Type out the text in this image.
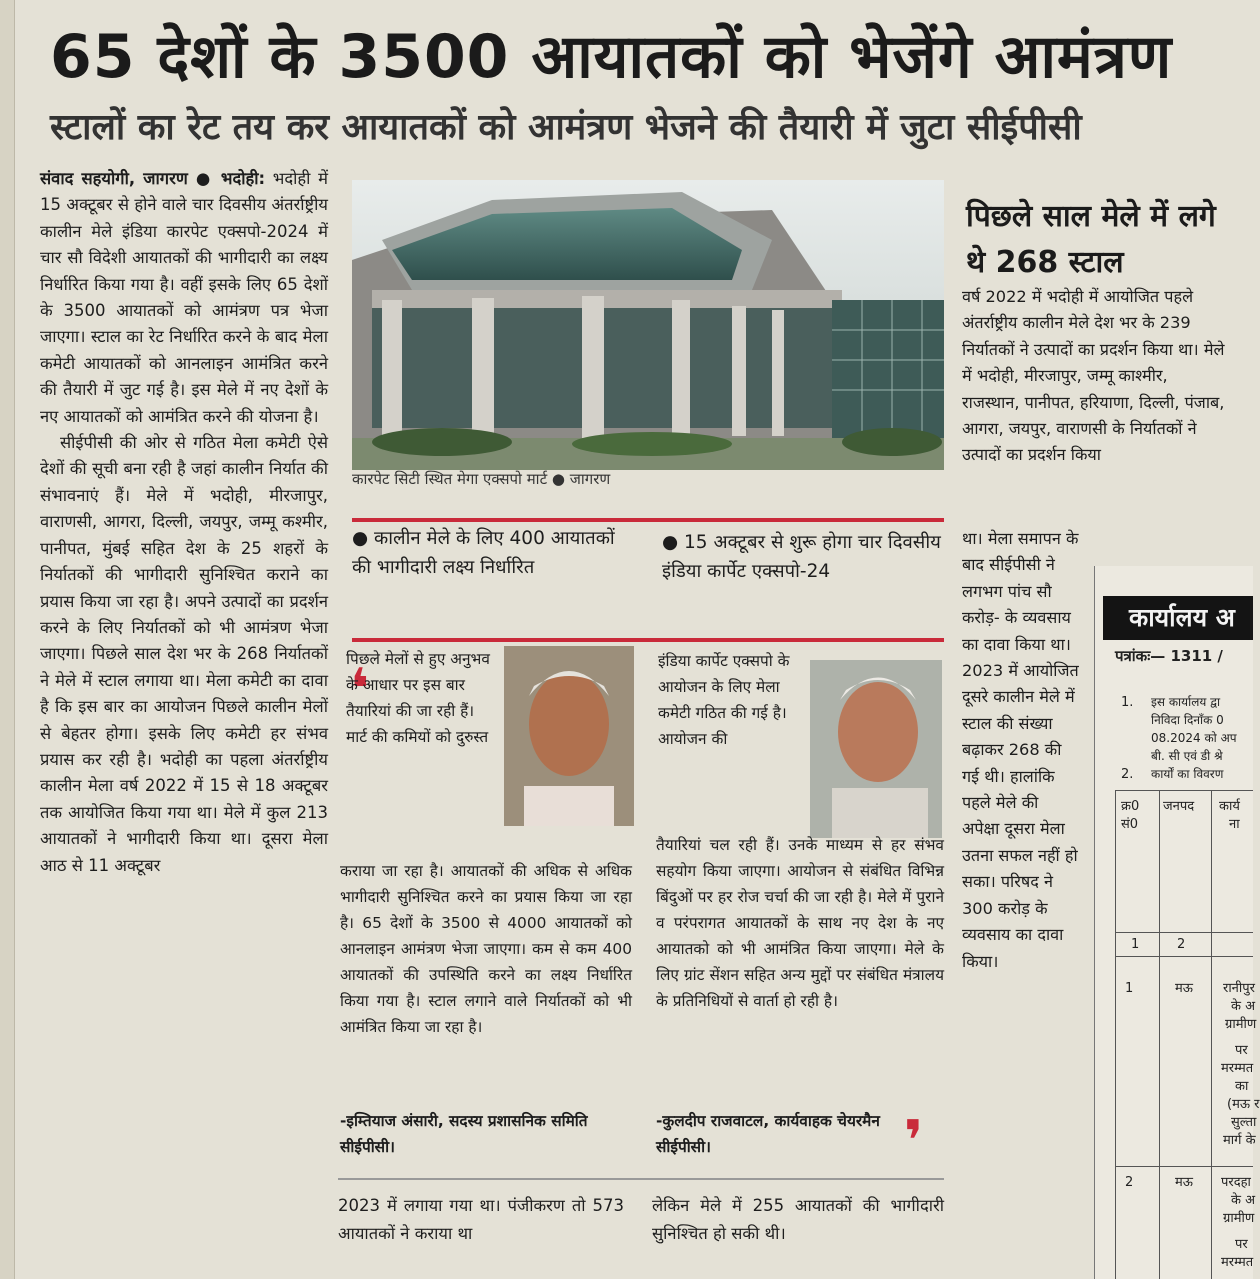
65 देशों के 3500 आयातकों को भेजेंगे आमंत्रण
स्टालों का रेट तय कर आयातकों को आमंत्रण भेजने की तैयारी में जुटा सीईपीसी

संवाद सहयोगी, जागरण ● भदोही: भदोही में 15 अक्टूबर से होने वाले चार दिवसीय अंतर्राष्ट्रीय कालीन मेले इंडिया कारपेट एक्सपो-2024 में चार सौ विदेशी आयातकों की भागीदारी का लक्ष्य निर्धारित किया गया है। वहीं इसके लिए 65 देशों के 3500 आयातकों को आमंत्रण पत्र भेजा जाएगा। स्टाल का रेट निर्धारित करने के बाद मेला कमेटी आयातकों को आनलाइन आमंत्रित करने की तैयारी में जुट गई है। इस मेले में नए देशों के नए आयातकों को आमंत्रित करने की योजना है।

सीईपीसी की ओर से गठित मेला कमेटी ऐसे देशों की सूची बना रही है जहां कालीन निर्यात की संभावनाएं हैं। मेले में भदोही, मीरजापुर, वाराणसी, आगरा, दिल्ली, जयपुर, जम्मू कश्मीर, पानीपत, मुंबई सहित देश के 25 शहरों के निर्यातकों की भागीदारी सुनिश्चित कराने का प्रयास किया जा रहा है। अपने उत्पादों का प्रदर्शन करने के लिए निर्यातकों को भी आमंत्रण भेजा जाएगा। पिछले साल देश भर के 268 निर्यातकों ने मेले में स्टाल लगाया था। मेला कमेटी का दावा है कि इस बार का आयोजन पिछले कालीन मेलों से बेहतर होगा। इसके लिए कमेटी हर संभव प्रयास कर रही है। भदोही का पहला अंतर्राष्ट्रीय कालीन मेला वर्ष 2022 में 15 से 18 अक्टूबर तक आयोजित किया गया था। मेले में कुल 213 आयातकों ने भागीदारी किया था। दूसरा मेला आठ से 11 अक्टूबर

कारपेट सिटी स्थित मेगा एक्सपो मार्ट ● जागरण
● कालीन मेले के लिए 400 आयातकों की भागीदारी लक्ष्य निर्धारित
● 15 अक्टूबर से शुरू होगा चार दिवसीय इंडिया कार्पेट एक्सपो-24
❛
पिछले मेलों से हुए अनुभव के आधार पर इस बार तैयारियां की जा रही हैं। मार्ट की कमियों को दुरुस्त
कराया जा रहा है। आयातकों की अधिक से अधिक भागीदारी सुनिश्चित करने का प्रयास किया जा रहा है। 65 देशों के 3500 से 4000 आयातकों को आनलाइन आमंत्रण भेजा जाएगा। कम से कम 400 आयातकों की उपस्थिति करने का लक्ष्य निर्धारित किया गया है। स्टाल लगाने वाले निर्यातकों को भी आमंत्रित किया जा रहा है।
-इम्तियाज अंसारी, सदस्य प्रशासनिक समिति सीईपीसी।
इंडिया कार्पेट एक्सपो के आयोजन के लिए मेला कमेटी गठित की गई है। आयोजन की
तैयारियां चल रही हैं। उनके माध्यम से हर संभव सहयोग किया जाएगा। आयोजन से संबंधित विभिन्न बिंदुओं पर हर रोज चर्चा की जा रही है। मेले में पुराने व परंपरागत आयातकों के साथ नए देश के नए आयातको को भी आमंत्रित किया जाएगा। मेले के लिए ग्रांट सेंशन सहित अन्य मुद्दों पर संबंधित मंत्रालय के प्रतिनिधियों से वार्ता हो रही है।
-कुलदीप राजवाटल, कार्यवाहक चेयरमैन सीईपीसी।	❜
2023 में लगाया गया था। पंजीकरण तो 573 आयातकों ने कराया था
लेकिन मेले में 255 आयातकों की भागीदारी सुनिश्चित हो सकी थी।
पिछले साल मेले में लगे थे 268 स्टाल
वर्ष 2022 में भदोही में आयोजित पहले अंतर्राष्ट्रीय कालीन मेले देश भर के 239 निर्यातकों ने उत्पादों का प्रदर्शन किया था। मेले में भदोही, मीरजापुर, जम्मू काश्मीर, राजस्थान, पानीपत, हरियाणा, दिल्ली, पंजाब, आगरा, जयपुर, वाराणसी के निर्यातकों ने उत्पादों का प्रदर्शन किया
था। मेला समापन के बाद सीईपीसी ने लगभग पांच सौ करोड़- के व्यवसाय का दावा किया था। 2023 में आयोजित दूसरे कालीन मेले में स्टाल की संख्या बढ़ाकर 268 की गई थी। हालांकि पहले मेले की अपेक्षा दूसरा मेला उतना सफल नहीं हो सका। परिषद ने 300 करोड़ के व्यवसाय का दावा किया।
कार्यालय अ
पत्रांकः— 1311 /
1. इस कार्यालय द्वा
निविदा दिनाँक 0
08.2024 को अप
बी. सी एवं डी श्रे
2. कार्यों का विवरण
क्र0
सं0
जनपद कार्य
ना
1	2
1	मऊ रानीपुर
के अ
ग्रामीण
पर
मरम्मत
का
(मऊ र
सुल्ता
मार्ग के
2	मऊ परदहा
के अ
ग्रामीण
पर
मरम्मत
